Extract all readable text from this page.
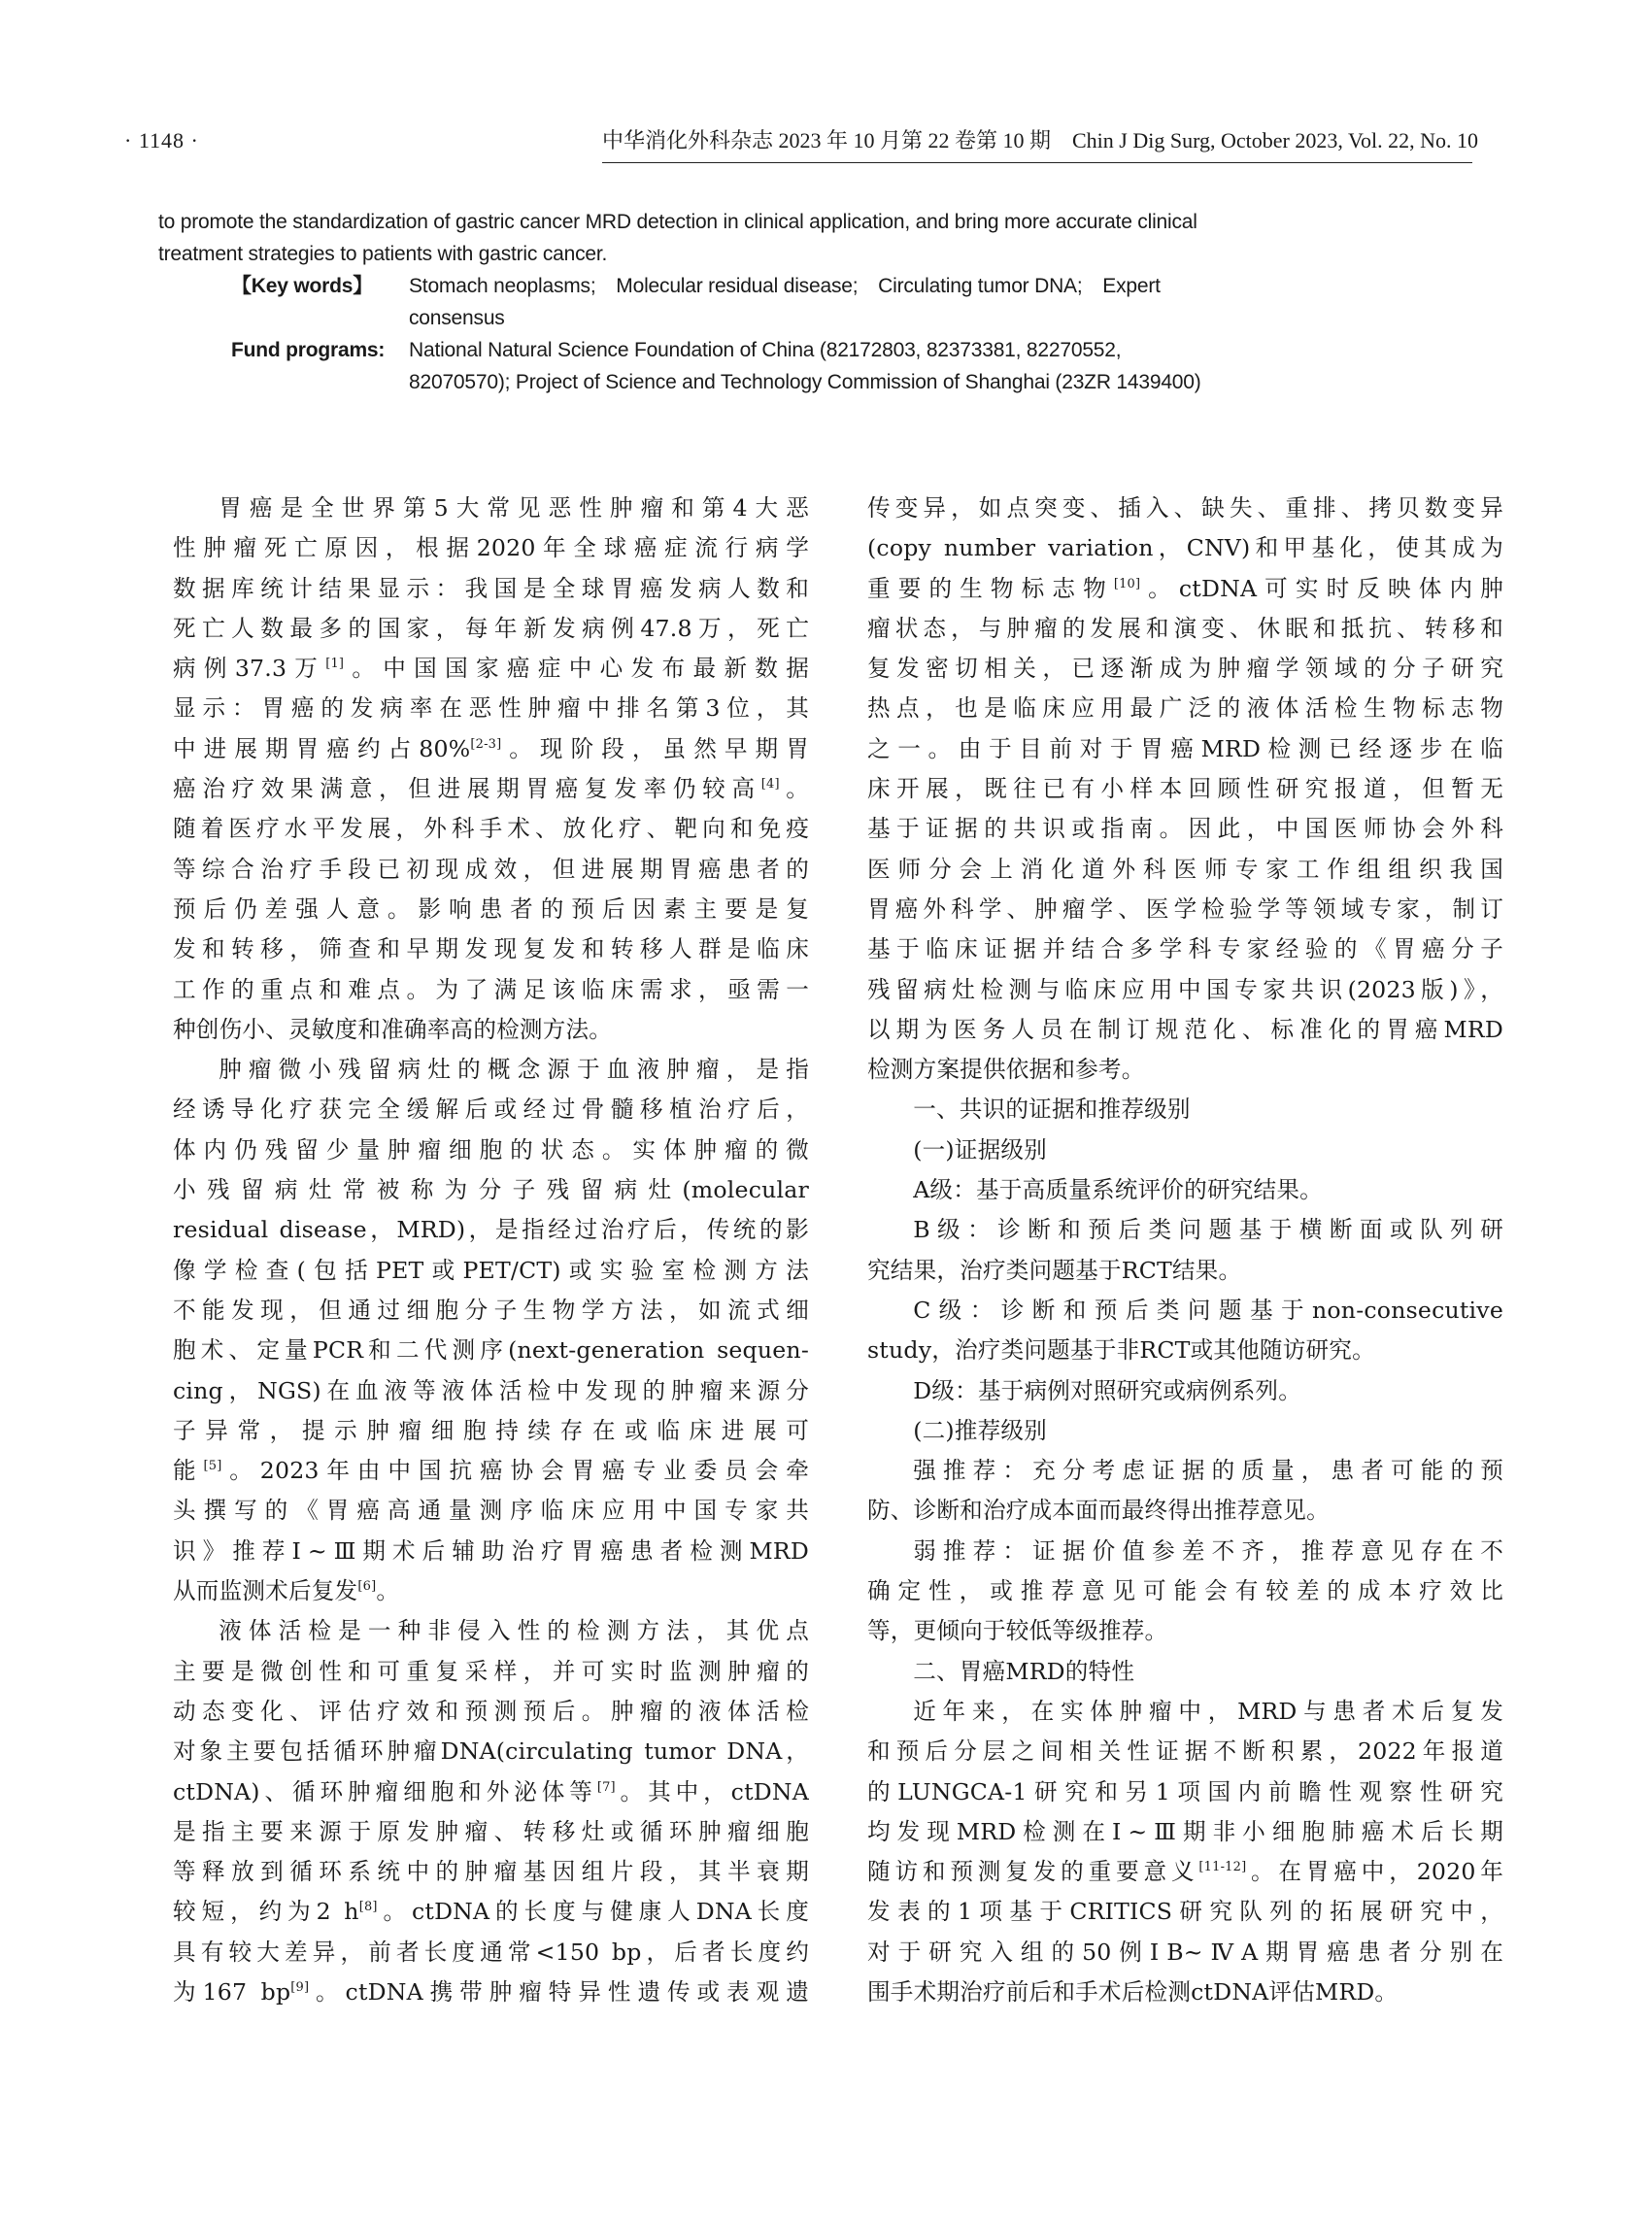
· 1148 ·	中华消化外科杂志 2023 年 10 月第 22 卷第 10 期　Chin J Dig Surg, October 2023, Vol. 22, No. 10

to promote the standardization of gastric cancer MRD detection in clinical application, and bring more accurate clinical treatment strategies to patients with gastric cancer.

【Key words】	Stomach neoplasms;　Molecular residual disease;　Circulating tumor DNA;　Expert consensus
Fund programs:	National Natural Science Foundation of China (82172803, 82373381, 82270552, 82070570); Project of Science and Technology Commission of Shanghai (23ZR 1439400)
胃癌是全世界第5大常见恶性肿瘤和第4大恶
性肿瘤死亡原因，根据2020年全球癌症流行病学
数据库统计结果显示：我国是全球胃癌发病人数和
死亡人数最多的国家，每年新发病例47.8万，死亡
病例37.3万[1]。中国国家癌症中心发布最新数据
显示：胃癌的发病率在恶性肿瘤中排名第3位，其
中进展期胃癌约占80%[2-3]。现阶段，虽然早期胃
癌治疗效果满意，但进展期胃癌复发率仍较高[4]。
随着医疗水平发展，外科手术、放化疗、靶向和免疫
等综合治疗手段已初现成效，但进展期胃癌患者的
预后仍差强人意。影响患者的预后因素主要是复
发和转移，筛查和早期发现复发和转移人群是临床
工作的重点和难点。为了满足该临床需求，亟需一
种创伤小、灵敏度和准确率高的检测方法。
肿瘤微小残留病灶的概念源于血液肿瘤，是指
经诱导化疗获完全缓解后或经过骨髓移植治疗后，
体内仍残留少量肿瘤细胞的状态。实体肿瘤的微
小残留病灶常被称为分子残留病灶(molecular
residual disease，MRD)，是指经过治疗后，传统的影
像学检查(包括PET或PET/CT)或实验室检测方法
不能发现，但通过细胞分子生物学方法，如流式细
胞术、定量PCR和二代测序(next-generation sequen-
cing，NGS)在血液等液体活检中发现的肿瘤来源分
子异常，提示肿瘤细胞持续存在或临床进展可
能[5]。2023年由中国抗癌协会胃癌专业委员会牵
头撰写的《胃癌高通量测序临床应用中国专家共
识》推荐Ⅰ~Ⅲ期术后辅助治疗胃癌患者检测MRD
从而监测术后复发[6]。
液体活检是一种非侵入性的检测方法，其优点
主要是微创性和可重复采样，并可实时监测肿瘤的
动态变化、评估疗效和预测预后。肿瘤的液体活检
对象主要包括循环肿瘤DNA(circulating tumor DNA，
ctDNA)、循环肿瘤细胞和外泌体等[7]。其中，ctDNA
是指主要来源于原发肿瘤、转移灶或循环肿瘤细胞
等释放到循环系统中的肿瘤基因组片段，其半衰期
较短，约为2 h[8]。ctDNA的长度与健康人DNA长度
具有较大差异，前者长度通常<150 bp，后者长度约
为167 bp[9]。ctDNA携带肿瘤特异性遗传或表观遗
传变异，如点突变、插入、缺失、重排、拷贝数变异
(copy number variation，CNV)和甲基化，使其成为
重要的生物标志物[10]。ctDNA可实时反映体内肿
瘤状态，与肿瘤的发展和演变、休眠和抵抗、转移和
复发密切相关，已逐渐成为肿瘤学领域的分子研究
热点，也是临床应用最广泛的液体活检生物标志物
之一。由于目前对于胃癌MRD检测已经逐步在临
床开展，既往已有小样本回顾性研究报道，但暂无
基于证据的共识或指南。因此，中国医师协会外科
医师分会上消化道外科医师专家工作组组织我国
胃癌外科学、肿瘤学、医学检验学等领域专家，制订
基于临床证据并结合多学科专家经验的《胃癌分子
残留病灶检测与临床应用中国专家共识(2023版)》，
以期为医务人员在制订规范化、标准化的胃癌MRD
检测方案提供依据和参考。
一、共识的证据和推荐级别
(一)证据级别
A级：基于高质量系统评价的研究结果。
B级：诊断和预后类问题基于横断面或队列研
究结果，治疗类问题基于RCT结果。
C级：诊断和预后类问题基于non-consecutive
study，治疗类问题基于非RCT或其他随访研究。
D级：基于病例对照研究或病例系列。
(二)推荐级别
强推荐：充分考虑证据的质量，患者可能的预
防、诊断和治疗成本面而最终得出推荐意见。
弱推荐：证据价值参差不齐，推荐意见存在不
确定性，或推荐意见可能会有较差的成本疗效比
等，更倾向于较低等级推荐。
二、胃癌MRD的特性
近年来，在实体肿瘤中，MRD与患者术后复发
和预后分层之间相关性证据不断积累，2022年报道
的LUNGCA-1研究和另1项国内前瞻性观察性研究
均发现MRD检测在Ⅰ~Ⅲ期非小细胞肺癌术后长期
随访和预测复发的重要意义[11-12]。在胃癌中，2020年
发表的1项基于CRITICS研究队列的拓展研究中，
对于研究入组的50例ⅠB~ⅣA期胃癌患者分别在
围手术期治疗前后和手术后检测ctDNA评估MRD。
